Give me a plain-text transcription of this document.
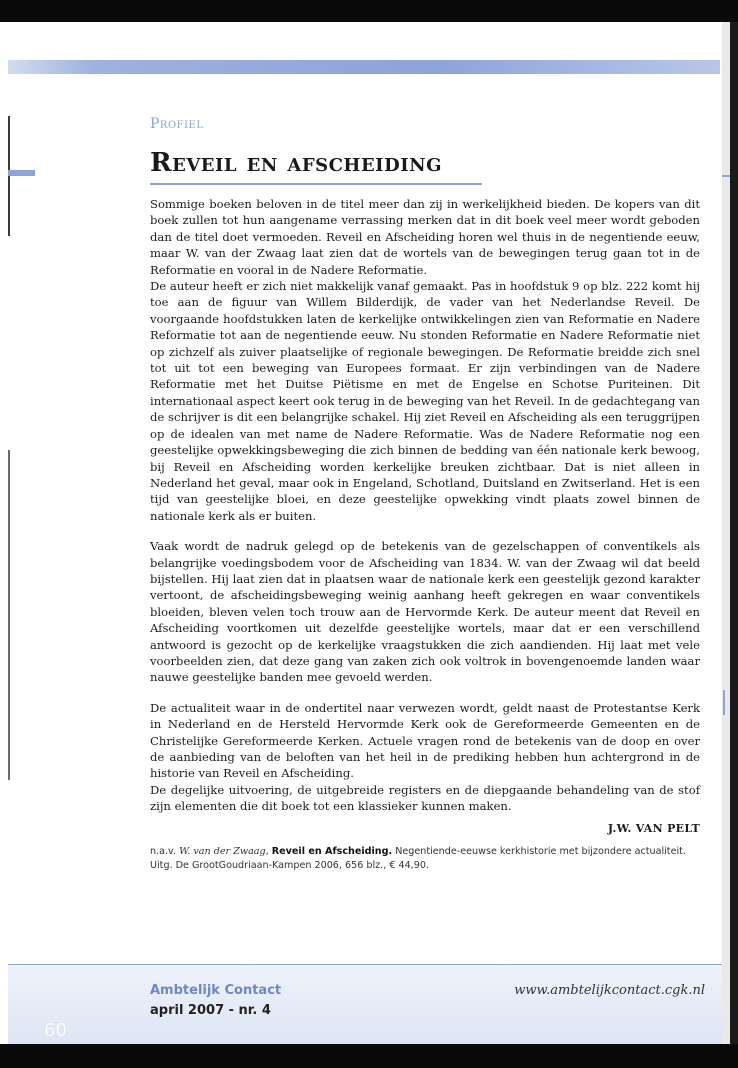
Profiel
Reveil en afscheiding

Sommige boeken beloven in de titel meer dan zij in werkelijkheid bieden. De kopers van dit boek zullen tot hun aangename verrassing merken dat in dit boek veel meer wordt geboden dan de titel doet vermoeden. Reveil en Afscheiding horen wel thuis in de negentiende eeuw, maar W. van der Zwaag laat zien dat de wortels van de bewegingen terug gaan tot in de Reformatie en vooral in de Nadere Reformatie.

De auteur heeft er zich niet makkelijk vanaf gemaakt. Pas in hoofdstuk 9 op blz. 222 komt hij toe aan de figuur van Willem Bilderdijk, de vader van het Nederlandse Reveil. De voorgaande hoofdstukken laten de kerkelijke ontwikkelingen zien van Reformatie en Nadere Reformatie tot aan de negentiende eeuw. Nu stonden Reformatie en Nadere Reformatie niet op zichzelf als zuiver plaatselijke of regionale bewegingen. De Reformatie breidde zich snel tot uit tot een beweging van Europees formaat. Er zijn verbindingen van de Nadere Reformatie met het Duitse Piëtisme en met de Engelse en Schotse Puriteinen. Dit internationaal aspect keert ook terug in de beweging van het Reveil. In de gedachtegang van de schrijver is dit een belangrijke schakel. Hij ziet Reveil en Afscheiding als een teruggrijpen op de idealen van met name de Nadere Reformatie. Was de Nadere Reformatie nog een geestelijke opwekkingsbeweging die zich binnen de bedding van één nationale kerk bewoog, bij Reveil en Afscheiding worden kerkelijke breuken zichtbaar. Dat is niet alleen in Nederland het geval, maar ook in Engeland, Schotland, Duitsland en Zwitserland. Het is een tijd van geestelijke bloei, en deze geestelijke opwekking vindt plaats zowel binnen de nationale kerk als er buiten.

Vaak wordt de nadruk gelegd op de betekenis van de gezelschappen of conventikels als belangrijke voedingsbodem voor de Afscheiding van 1834. W. van der Zwaag wil dat beeld bijstellen. Hij laat zien dat in plaatsen waar de nationale kerk een geestelijk gezond karakter vertoont, de afscheidingsbeweging weinig aanhang heeft gekregen en waar conventikels bloeiden, bleven velen toch trouw aan de Hervormde Kerk. De auteur meent dat Reveil en Afscheiding voortkomen uit dezelfde geestelijke wortels, maar dat er een verschillend antwoord is gezocht op de kerkelijke vraagstukken die zich aandienden. Hij laat met vele voorbeelden zien, dat deze gang van zaken zich ook voltrok in bovengenoemde landen waar nauwe geestelijke banden mee gevoeld werden.

De actualiteit waar in de ondertitel naar verwezen wordt, geldt naast de Protestantse Kerk in Nederland en de Hersteld Hervormde Kerk ook de Gereformeerde Gemeenten en de Christelijke Gereformeerde Kerken. Actuele vragen rond de betekenis van de doop en over de aanbieding van de beloften van het heil in de prediking hebben hun achtergrond in de historie van Reveil en Afscheiding.

De degelijke uitvoering, de uitgebreide registers en de diepgaande behandeling van de stof zijn elementen die dit boek tot een klassieker kunnen maken.

J.W. VAN PELT
n.a.v. W. van der Zwaag, Reveil en Afscheiding. Negentiende-eeuwse kerkhistorie met bijzondere actualiteit. Uitg. De GrootGoudriaan-Kampen 2006, 656 blz., € 44,90.
60
Ambtelijk Contact
april 2007 - nr. 4
www.ambtelijkcontact.cgk.nl
